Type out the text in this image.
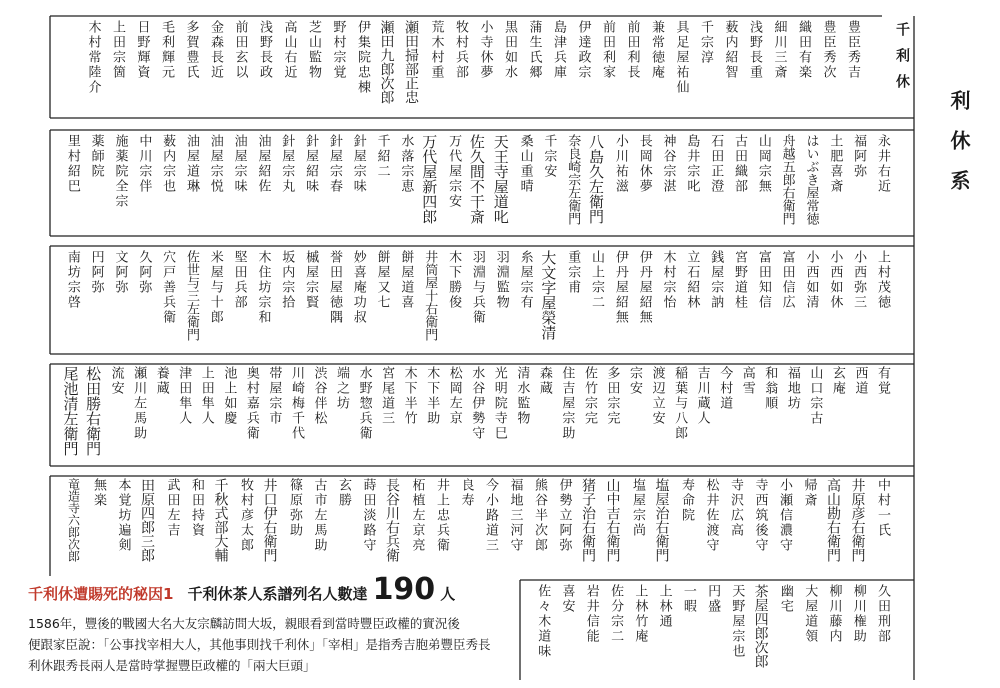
千利休
利休系
豊臣秀吉
豊臣秀次
織田有楽
細川三斎
浅野長重
薮内紹智
千宗淳
具足屋祐仙
兼常徳庵
前田利長
前田利家
伊達政宗
島津兵庫
蒲生氏郷
黒田如水
小寺休夢
牧村兵部
荒木村重
瀬田掃部正忠
瀬田九郎次郎
伊集院忠棟
野村宗覚
芝山監物
高山右近
浅野長政
前田玄以
金森長近
多賀豊氏
毛利輝元
日野輝資
上田宗箇
木村常陸介
永井右近
福阿弥
土肥喜斎
はいぶき屋常徳
舟越五郎右衛門
山岡宗無
古田織部
石田正澄
島井宗叱
神谷宗湛
長岡休夢
小川祐滋
八島久左衛門
奈良崎宗左衛門
千宗安
桑山重晴
天王寺屋道叱
佐久間不干斎
万代屋宗安
万代屋新四郎
水落宗恵
千紹二
針屋宗味
針屋宗春
針屋紹味
針屋宗丸
油屋紹佐
油屋宗味
油屋宗悦
油屋道琳
薮内宗也
中川宗伴
施薬院全宗
薬師院
里村紹巴
上村茂徳
小西弥三
小西如休
小西如清
富田信広
富田知信
宮野道桂
銭屋宗訥
立石紹林
木村宗怡
伊丹屋紹無
伊丹屋紹無
山上宗二
重宗甫
大文字屋榮清
糸屋宗有
羽淵監物
羽淵与兵衛
木下勝俊
井筒屋十右衛門
餅屋道喜
餅屋又七
妙喜庵功叔
誉田屋徳隅
槭屋宗賢
坂内宗拾
木住坊宗和
堅田兵部
米屋与十郎
佐世与三左衛門
穴戸善兵衛
久阿弥
文阿弥
円阿弥
南坊宗啓
有覚
西道
玄庵
山口宗古
福地坊
和翁順
高雪
今村道
吉川蔵人
稲葉与八郎
渡辺立安
宗安
多田宗完
佐竹宗完
住吉屋宗助
森蔵
清水監物
光明院寺巳
水谷伊勢守
松岡左京
木下半助
木下半竹
宮尾道三
水野惣兵衛
端之坊
渋谷伴松
川崎梅千代
帯屋宗市
奥村嘉兵衛
池上如慶
上田隼人
津田隼人
養蔵
瀬川左馬助
流安
松田勝右衛門
尾池清左衛門
中村一氏
井原彦右衛門
高山勘右衛門
帰斎
小瀬信濃守
寺西筑後守
寺沢広高
松井佐渡守
寿命院
塩屋治右衛門
塩屋宗尚
山中吉右衛門
猪子治右衛門
伊勢立阿弥
熊谷半次郎
福地三河守
今小路道三
良寿
井上忠兵衛
柘植左京亮
長谷川右兵衛
蒔田淡路守
玄勝
古市左馬助
篠原弥助
井口伊右衛門
牧村彦太郎
千秋式部大輔
和田持資
武田左吉
田原四郎三郎
本覚坊遍剣
無楽
竜造寺六郎次郎
久田刑部
柳川権助
柳川藤内
大屋道領
幽宅
茶屋四郎次郎
天野屋宗也
円盛
一暇
上林通
上林竹庵
佐分宗二
岩井信能
喜安
佐々木道味
千利休遭賜死的秘因1 千利休茶人系譜列名人數達 190 人

1586年，豐後的戰國大名大友宗麟訪問大坂，親眼看到當時豐臣政權的實況後

便跟家臣說：「公事找宰相大人，其他事則找千利休」「宰相」是指秀吉胞弟豐臣秀長

利休跟秀長兩人是當時掌握豐臣政權的「兩大巨頭」
